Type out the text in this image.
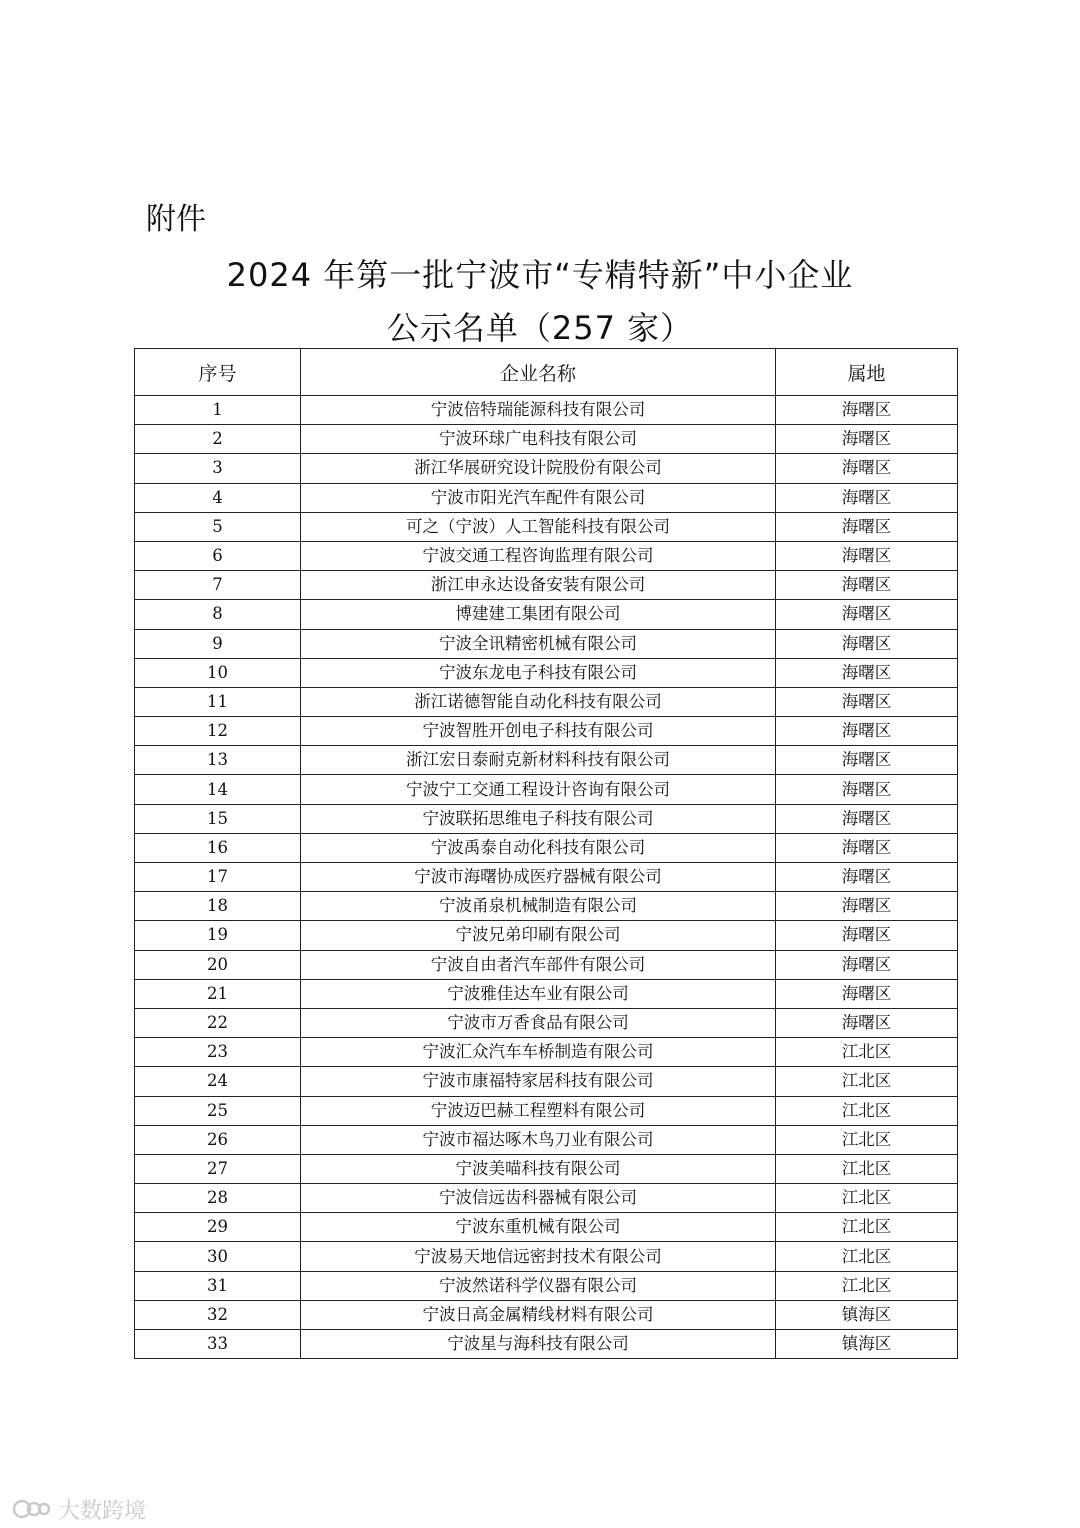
附件
2024 年第一批宁波市“专精特新”中小企业
公示名单（257 家）
序号	企业名称	属地
1	宁波倍特瑞能源科技有限公司	海曙区
2	宁波环球广电科技有限公司	海曙区
3	浙江华展研究设计院股份有限公司	海曙区
4	宁波市阳光汽车配件有限公司	海曙区
5	可之（宁波）人工智能科技有限公司	海曙区
6	宁波交通工程咨询监理有限公司	海曙区
7	浙江申永达设备安装有限公司	海曙区
8	博建建工集团有限公司	海曙区
9	宁波全讯精密机械有限公司	海曙区
10	宁波东龙电子科技有限公司	海曙区
11	浙江诺德智能自动化科技有限公司	海曙区
12	宁波智胜开创电子科技有限公司	海曙区
13	浙江宏日泰耐克新材料科技有限公司	海曙区
14	宁波宁工交通工程设计咨询有限公司	海曙区
15	宁波联拓思维电子科技有限公司	海曙区
16	宁波禹泰自动化科技有限公司	海曙区
17	宁波市海曙协成医疗器械有限公司	海曙区
18	宁波甬泉机械制造有限公司	海曙区
19	宁波兄弟印刷有限公司	海曙区
20	宁波自由者汽车部件有限公司	海曙区
21	宁波雅佳达车业有限公司	海曙区
22	宁波市万香食品有限公司	海曙区
23	宁波汇众汽车车桥制造有限公司	江北区
24	宁波市康福特家居科技有限公司	江北区
25	宁波迈巴赫工程塑料有限公司	江北区
26	宁波市福达啄木鸟刀业有限公司	江北区
27	宁波美喵科技有限公司	江北区
28	宁波信远齿科器械有限公司	江北区
29	宁波东重机械有限公司	江北区
30	宁波易天地信远密封技术有限公司	江北区
31	宁波然诺科学仪器有限公司	江北区
32	宁波日高金属精线材料有限公司	镇海区
33	宁波星与海科技有限公司	镇海区
大数跨境
